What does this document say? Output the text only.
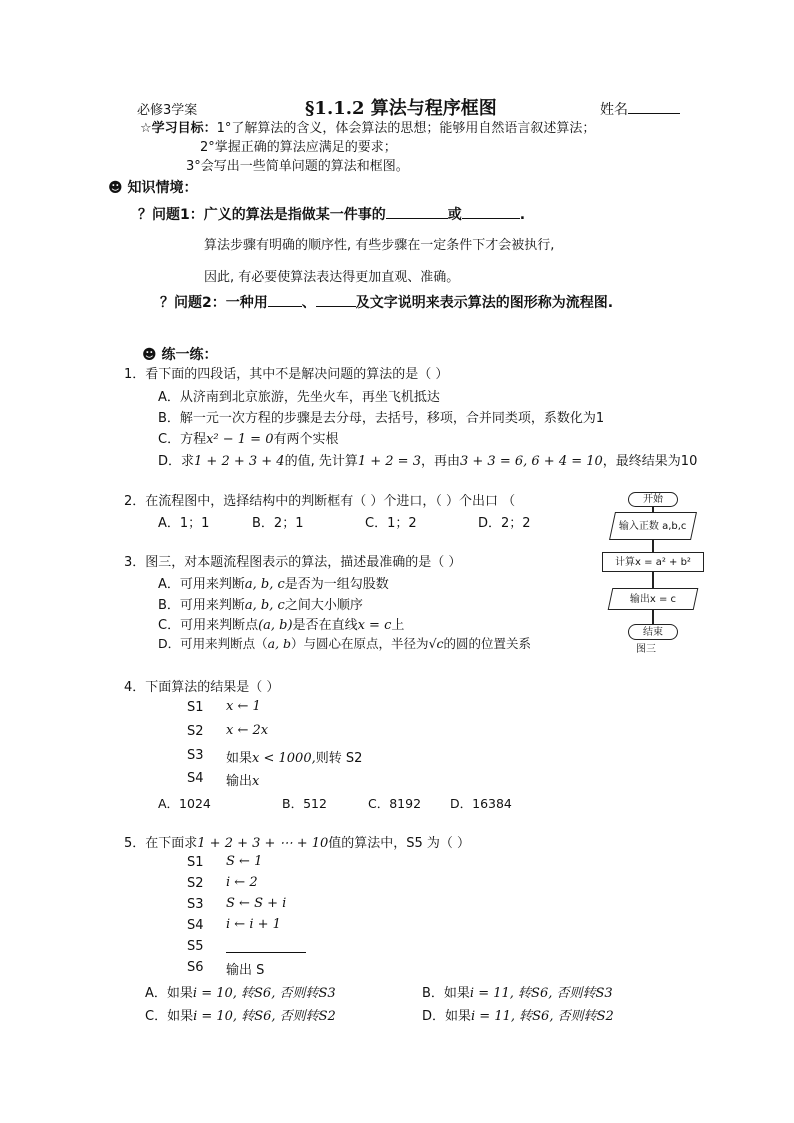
必修3学案	§1.1.2 算法与程序框图	姓名
☆学习目标：1°了解算法的含义，体会算法的思想；能够用自然语言叙述算法；
2°掌握正确的算法应满足的要求；
3°会写出一些简单问题的算法和框图。
☻ 知识情境：
？问题1：广义的算法是指做某一件事的	或	.
算法步骤有明确的顺序性, 有些步骤在一定条件下才会被执行,
因此, 有必要使算法表达得更加直观、准确。
？问题2：一种用 、	及文字说明来表示算法的图形称为流程图.
☻ 练一练：
1．看下面的四段话，其中不是解决问题的算法的是（ ）
A．从济南到北京旅游，先坐火车，再坐飞机抵达
B．解一元一次方程的步骤是去分母，去括号，移项，合并同类项，系数化为1
C．方程x² − 1 = 0有两个实根
D．求1 + 2 + 3 + 4的值, 先计算1 + 2 = 3，再由3 + 3 = 6, 6 + 4 = 10，最终结果为10
2．在流程图中，选择结构中的判断框有（ ）个进口，（ ）个出口 （
A．1；1	B．2；1	C．1；2	D．2；2
3．图三，对本题流程图表示的算法，描述最准确的是（ ）
A．可用来判断a, b, c是否为一组勾股数
B．可用来判断a, b, c之间大小顺序
C．可用来判断点(a, b)是否在直线x = c上
D．可用来判断点（a, b）与圆心在原点，半径为√c的圆的位置关系
开始
输入正数 a,b,c
计算x = a² + b²
输出x = c
结束
图三
4．下面算法的结果是（ ）
S1 x ← 1
S2 x ← 2x
S3 如果x < 1000,则转 S2
S4 输出x
A．1024	B．512	C．8192 D．16384
5．在下面求1 + 2 + 3 + ⋯ + 10值的算法中，S5 为（ ）
S1 S ← 1
S2 i ← 2
S3 S ← S + i
S4 i ← i + 1
S5
S6 输出 S
A．如果i = 10, 转S6, 否则转S3	B．如果i = 11, 转S6, 否则转S3
C．如果i = 10, 转S6, 否则转S2	D．如果i = 11, 转S6, 否则转S2
